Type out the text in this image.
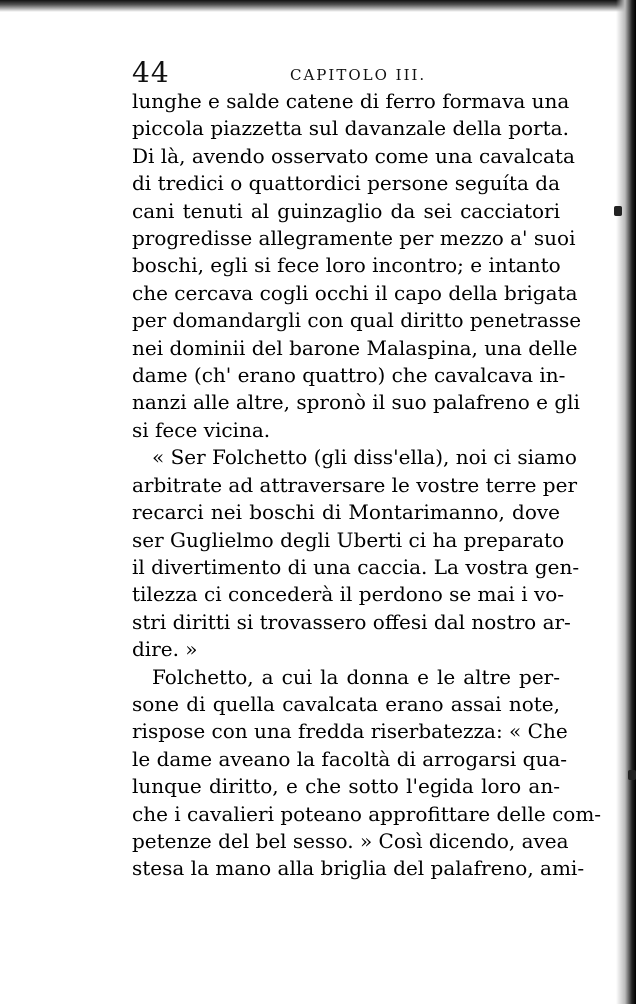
44	CAPITOLO III.
lunghe e salde catene di ferro formava una
piccola piazzetta sul davanzale della porta.
Di là, avendo osservato come una cavalcata
di tredici o quattordici persone seguíta da
cani tenuti al guinzaglio da sei cacciatori
progredisse allegramente per mezzo a' suoi
boschi, egli si fece loro incontro; e intanto
che cercava cogli occhi il capo della brigata
per domandargli con qual diritto penetrasse
nei dominii del barone Malaspina, una delle
dame (ch' erano quattro) che cavalcava in-
nanzi alle altre, spronò il suo palafreno e gli
si fece vicina.
« Ser Folchetto (gli diss'ella), noi ci siamo
arbitrate ad attraversare le vostre terre per
recarci nei boschi di Montarimanno, dove
ser Guglielmo degli Uberti ci ha preparato
il divertimento di una caccia. La vostra gen-
tilezza ci concederà il perdono se mai i vo-
stri diritti si trovassero offesi dal nostro ar-
dire. »
Folchetto, a cui la donna e le altre per-
sone di quella cavalcata erano assai note,
rispose con una fredda riserbatezza: « Che
le dame aveano la facoltà di arrogarsi qua-
lunque diritto, e che sotto l'egida loro an-
che i cavalieri poteano approfittare delle com-
petenze del bel sesso. » Così dicendo, avea
stesa la mano alla briglia del palafreno, ami-
